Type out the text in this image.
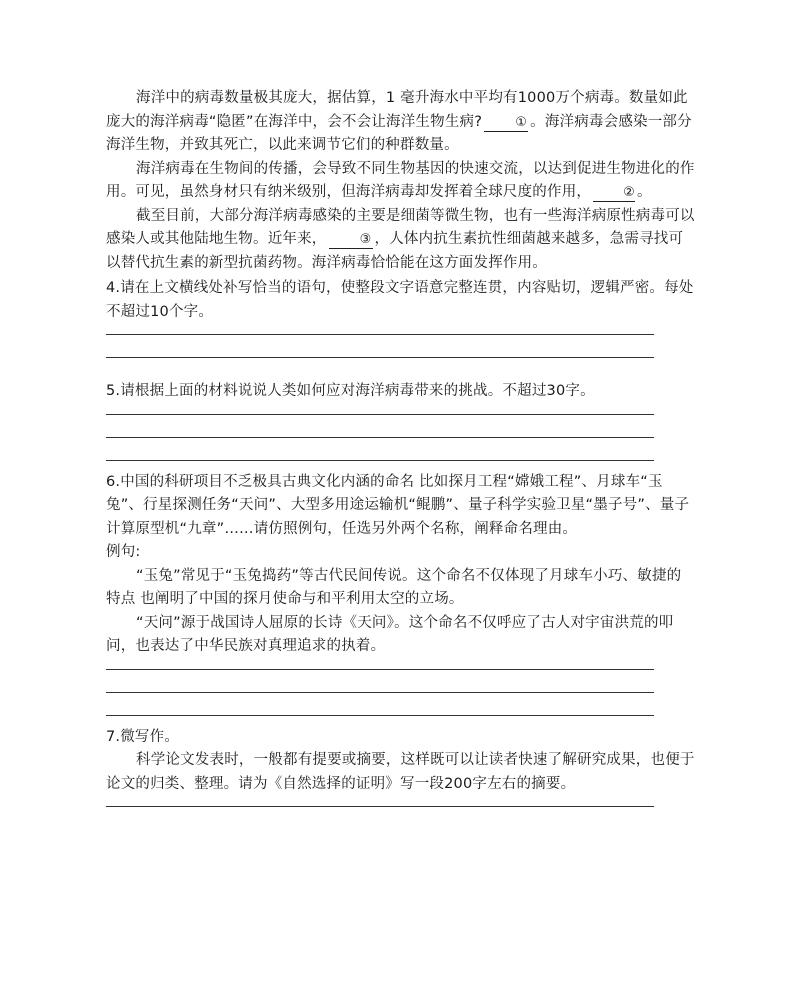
海洋中的病毒数量极其庞大，据估算，1 毫升海水中平均有1000万个病毒。数量如此庞大的海洋病毒“隐匿”在海洋中，会不会让海洋生物生病?	① 。海洋病毒会感染一部分海洋生物，并致其死亡，以此来调节它们的种群数量。

海洋病毒在生物间的传播，会导致不同生物基因的快速交流，以达到促进生物进化的作用。可见，虽然身材只有纳米级别，但海洋病毒却发挥着全球尺度的作用， ② 。

截至目前，大部分海洋病毒感染的主要是细菌等微生物，也有一些海洋病原性病毒可以感染人或其他陆地生物。近年来，	③ ，人体内抗生素抗性细菌越来越多，急需寻找可以替代抗生素的新型抗菌药物。海洋病毒恰恰能在这方面发挥作用。

4.请在上文横线处补写恰当的语句，使整段文字语意完整连贯，内容贴切，逻辑严密。每处不超过10个字。

5.请根据上面的材料说说人类如何应对海洋病毒带来的挑战。不超过30字。

6.中国的科研项目不乏极具古典文化内涵的命名 比如探月工程“嫦娥工程”、月球车“玉兔”、行星探测任务“天问”、大型多用途运输机“鲲鹏”、量子科学实验卫星“墨子号”、量子计算原型机“九章”……请仿照例句，任选另外两个名称，阐释命名理由。

例句:

“玉兔”常见于“玉兔捣药”等古代民间传说。这个命名不仅体现了月球车小巧、敏捷的特点 也阐明了中国的探月使命与和平利用太空的立场。

“天问”源于战国诗人屈原的长诗《天问》。这个命名不仅呼应了古人对宇宙洪荒的叩问，也表达了中华民族对真理追求的执着。

7.微写作。

科学论文发表时，一般都有提要或摘要，这样既可以让读者快速了解研究成果，也便于论文的归类、整理。请为《自然选择的证明》写一段200字左右的摘要。
